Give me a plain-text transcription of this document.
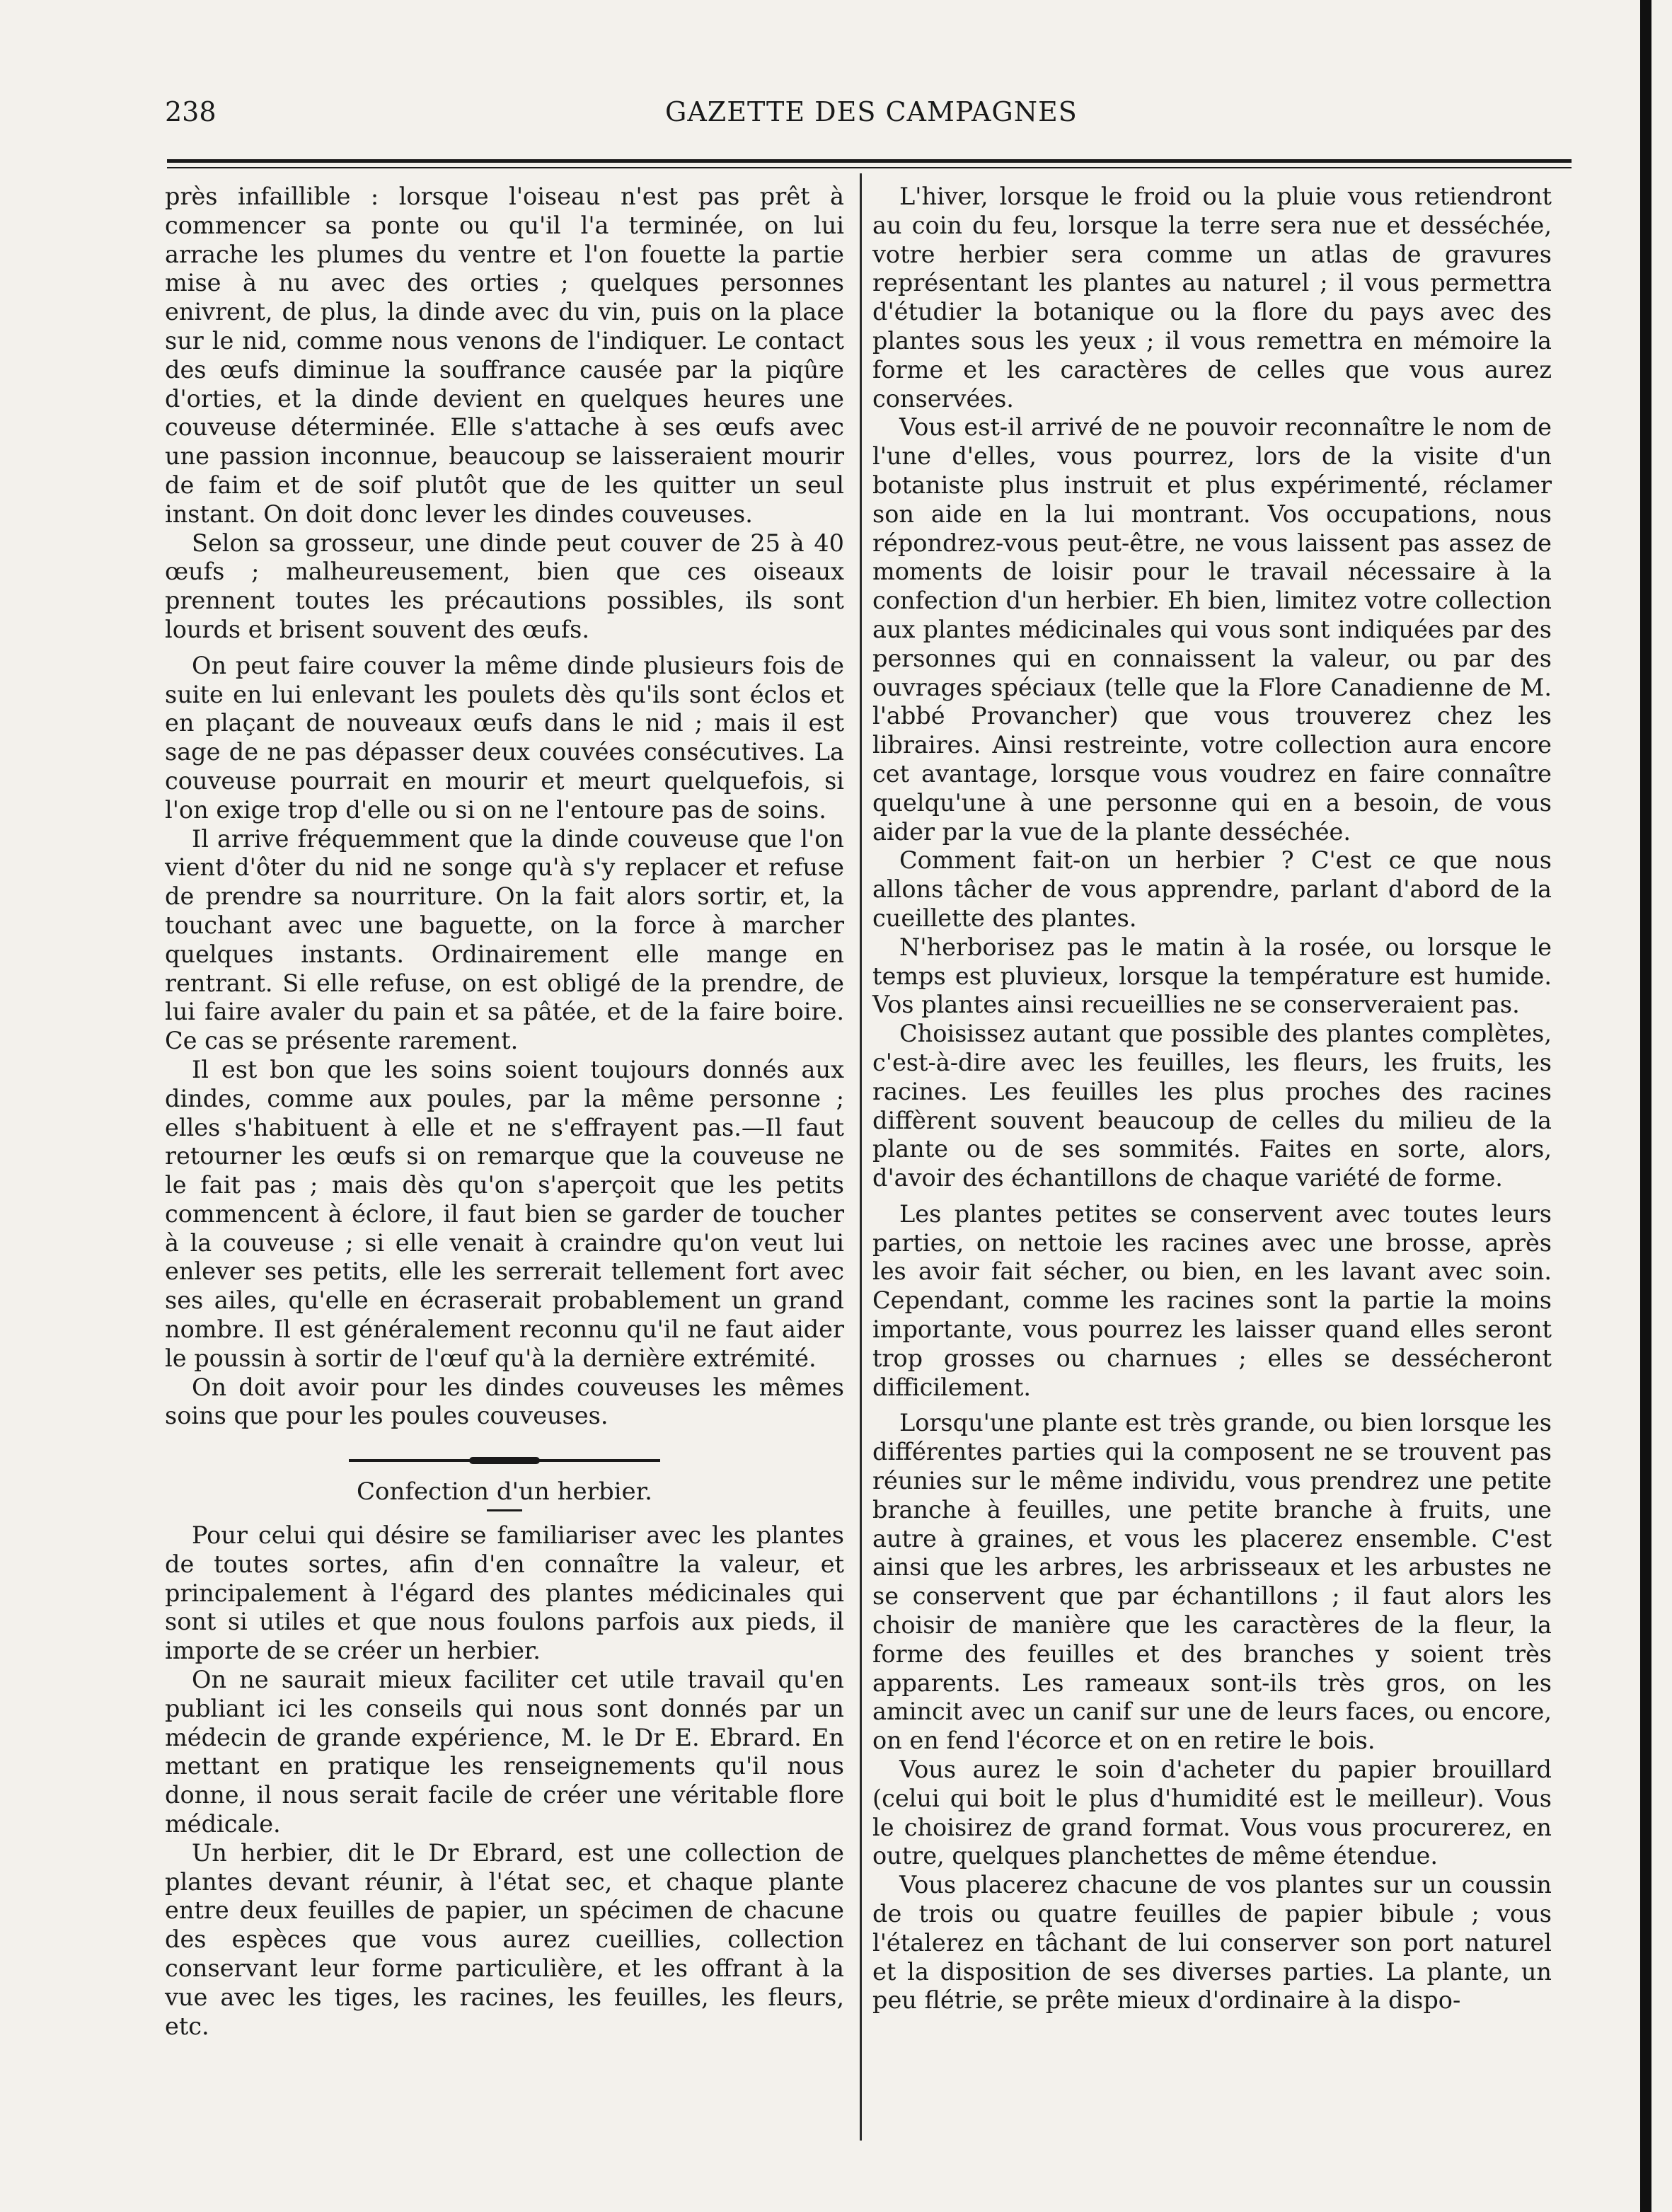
238	GAZETTE DES CAMPAGNES

près infaillible : lorsque l'oiseau n'est pas prêt à commencer sa ponte ou qu'il l'a terminée, on lui arrache les plumes du ventre et l'on fouette la partie mise à nu avec des orties ; quelques personnes enivrent, de plus, la dinde avec du vin, puis on la place sur le nid, comme nous venons de l'indiquer. Le contact des œufs diminue la souffrance causée par la piqûre d'orties, et la dinde devient en quelques heures une couveuse déterminée. Elle s'attache à ses œufs avec une passion inconnue, beaucoup se laisseraient mourir de faim et de soif plutôt que de les quitter un seul instant. On doit donc lever les dindes couveuses.

Selon sa grosseur, une dinde peut couver de 25 à 40 œufs ; malheureusement, bien que ces oiseaux prennent toutes les précautions possibles, ils sont lourds et brisent souvent des œufs.

On peut faire couver la même dinde plusieurs fois de suite en lui enlevant les poulets dès qu'ils sont éclos et en plaçant de nouveaux œufs dans le nid ; mais il est sage de ne pas dépasser deux couvées consécutives. La couveuse pourrait en mourir et meurt quelquefois, si l'on exige trop d'elle ou si on ne l'entoure pas de soins.

Il arrive fréquemment que la dinde couveuse que l'on vient d'ôter du nid ne songe qu'à s'y replacer et refuse de prendre sa nourriture. On la fait alors sortir, et, la touchant avec une baguette, on la force à marcher quelques instants. Ordinairement elle mange en rentrant. Si elle refuse, on est obligé de la prendre, de lui faire avaler du pain et sa pâtée, et de la faire boire. Ce cas se présente rarement.

Il est bon que les soins soient toujours donnés aux dindes, comme aux poules, par la même personne ; elles s'habituent à elle et ne s'effrayent pas.—Il faut retourner les œufs si on remarque que la couveuse ne le fait pas ; mais dès qu'on s'aperçoit que les petits commencent à éclore, il faut bien se garder de toucher à la couveuse ; si elle venait à craindre qu'on veut lui enlever ses petits, elle les serrerait tellement fort avec ses ailes, qu'elle en écraserait probablement un grand nombre. Il est généralement reconnu qu'il ne faut aider le poussin à sortir de l'œuf qu'à la dernière extrémité.

On doit avoir pour les dindes couveuses les mêmes soins que pour les poules couveuses.

Confection d'un herbier.

Pour celui qui désire se familiariser avec les plantes de toutes sortes, afin d'en connaître la valeur, et principalement à l'égard des plantes médicinales qui sont si utiles et que nous foulons parfois aux pieds, il importe de se créer un herbier.

On ne saurait mieux faciliter cet utile travail qu'en publiant ici les conseils qui nous sont donnés par un médecin de grande expérience, M. le Dr E. Ebrard. En mettant en pratique les renseignements qu'il nous donne, il nous serait facile de créer une véritable flore médicale.

Un herbier, dit le Dr Ebrard, est une collection de plantes devant réunir, à l'état sec, et chaque plante entre deux feuilles de papier, un spécimen de chacune des espèces que vous aurez cueillies, collection conservant leur forme particulière, et les offrant à la vue avec les tiges, les racines, les feuilles, les fleurs, etc.

L'hiver, lorsque le froid ou la pluie vous retiendront au coin du feu, lorsque la terre sera nue et desséchée, votre herbier sera comme un atlas de gravures représentant les plantes au naturel ; il vous permettra d'étudier la botanique ou la flore du pays avec des plantes sous les yeux ; il vous remettra en mémoire la forme et les caractères de celles que vous aurez conservées.

Vous est-il arrivé de ne pouvoir reconnaître le nom de l'une d'elles, vous pourrez, lors de la visite d'un botaniste plus instruit et plus expérimenté, réclamer son aide en la lui montrant. Vos occupations, nous répondrez-vous peut-être, ne vous laissent pas assez de moments de loisir pour le travail nécessaire à la confection d'un herbier. Eh bien, limitez votre collection aux plantes médicinales qui vous sont indiquées par des personnes qui en connaissent la valeur, ou par des ouvrages spéciaux (telle que la Flore Canadienne de M. l'abbé Provancher) que vous trouverez chez les libraires. Ainsi restreinte, votre collection aura encore cet avantage, lorsque vous voudrez en faire connaître quelqu'une à une personne qui en a besoin, de vous aider par la vue de la plante desséchée.

Comment fait-on un herbier ? C'est ce que nous allons tâcher de vous apprendre, parlant d'abord de la cueillette des plantes.

N'herborisez pas le matin à la rosée, ou lorsque le temps est pluvieux, lorsque la température est humide. Vos plantes ainsi recueillies ne se conserveraient pas.

Choisissez autant que possible des plantes complètes, c'est-à-dire avec les feuilles, les fleurs, les fruits, les racines. Les feuilles les plus proches des racines diffèrent souvent beaucoup de celles du milieu de la plante ou de ses sommités. Faites en sorte, alors, d'avoir des échantillons de chaque variété de forme.

Les plantes petites se conservent avec toutes leurs parties, on nettoie les racines avec une brosse, après les avoir fait sécher, ou bien, en les lavant avec soin. Cependant, comme les racines sont la partie la moins importante, vous pourrez les laisser quand elles seront trop grosses ou charnues ; elles se dessécheront difficilement.

Lorsqu'une plante est très grande, ou bien lorsque les différentes parties qui la composent ne se trouvent pas réunies sur le même individu, vous prendrez une petite branche à feuilles, une petite branche à fruits, une autre à graines, et vous les placerez ensemble. C'est ainsi que les arbres, les arbrisseaux et les arbustes ne se conservent que par échantillons ; il faut alors les choisir de manière que les caractères de la fleur, la forme des feuilles et des branches y soient très apparents. Les rameaux sont-ils très gros, on les amincit avec un canif sur une de leurs faces, ou encore, on en fend l'écorce et on en retire le bois.

Vous aurez le soin d'acheter du papier brouillard (celui qui boit le plus d'humidité est le meilleur). Vous le choisirez de grand format. Vous vous procurerez, en outre, quelques planchettes de même étendue.

Vous placerez chacune de vos plantes sur un coussin de trois ou quatre feuilles de papier bibule ; vous l'étalerez en tâchant de lui conserver son port naturel et la disposition de ses diverses parties. La plante, un peu flétrie, se prête mieux d'ordinaire à la dispo-
